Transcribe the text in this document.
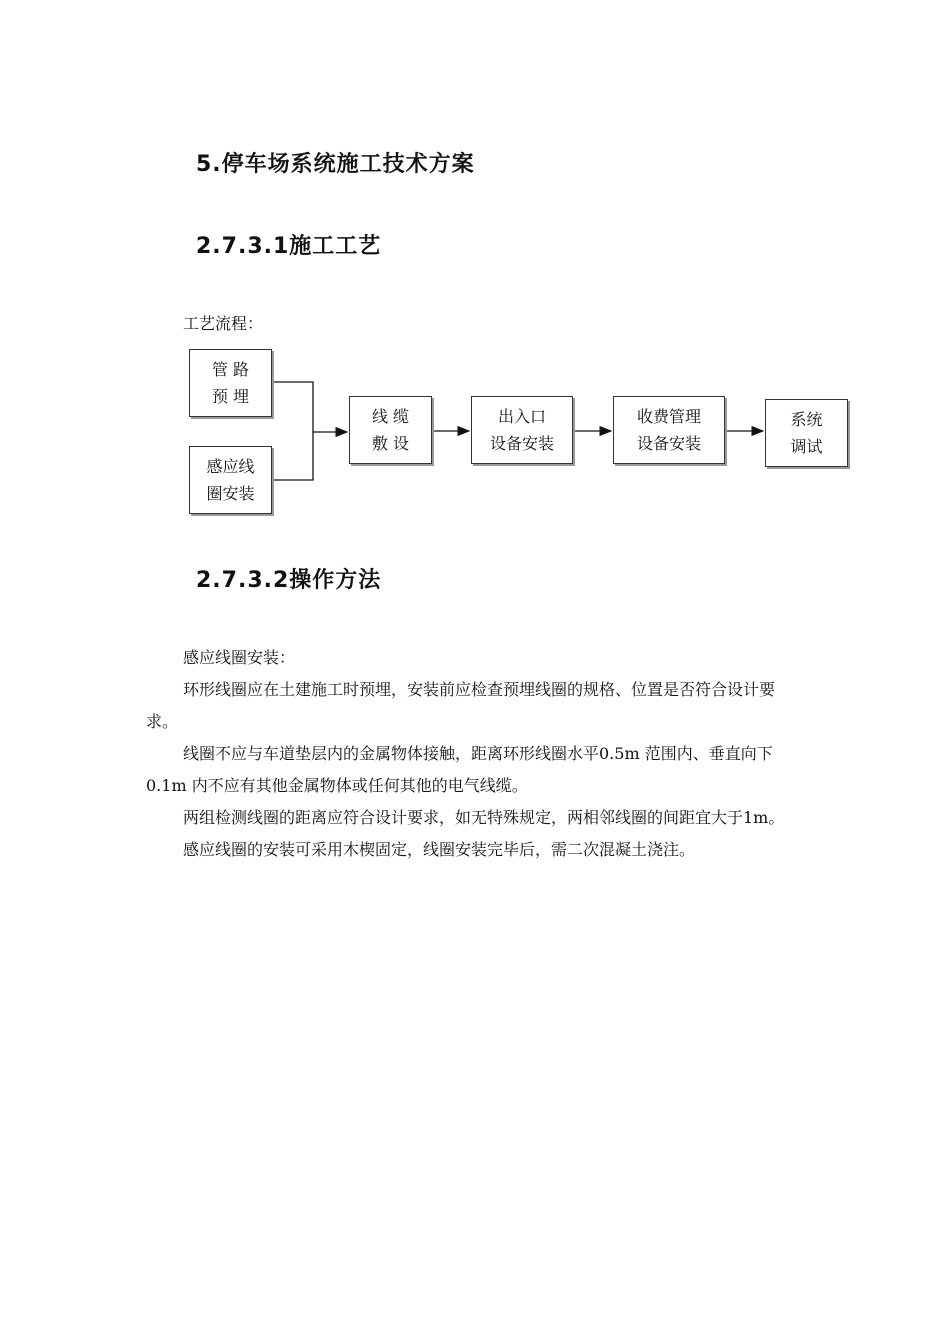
5.停车场系统施工技术方案
2.7.3.1施工工艺
工艺流程：
管 路
预 埋
感应线
圈安装
线 缆
敷 设
出入口
设备安装
收费管理
设备安装
系统
调试
2.7.3.2操作方法

感应线圈安装：

环形线圈应在土建施工时预埋，安装前应检查预埋线圈的规格、位置是否符合设计要求。

线圈不应与车道垫层内的金属物体接触，距离环形线圈水平0.5m 范围内、垂直向下0.1m 内不应有其他金属物体或任何其他的电气线缆。

两组检测线圈的距离应符合设计要求，如无特殊规定，两相邻线圈的间距宜大于1m。

感应线圈的安装可采用木楔固定，线圈安装完毕后，需二次混凝土浇注。
